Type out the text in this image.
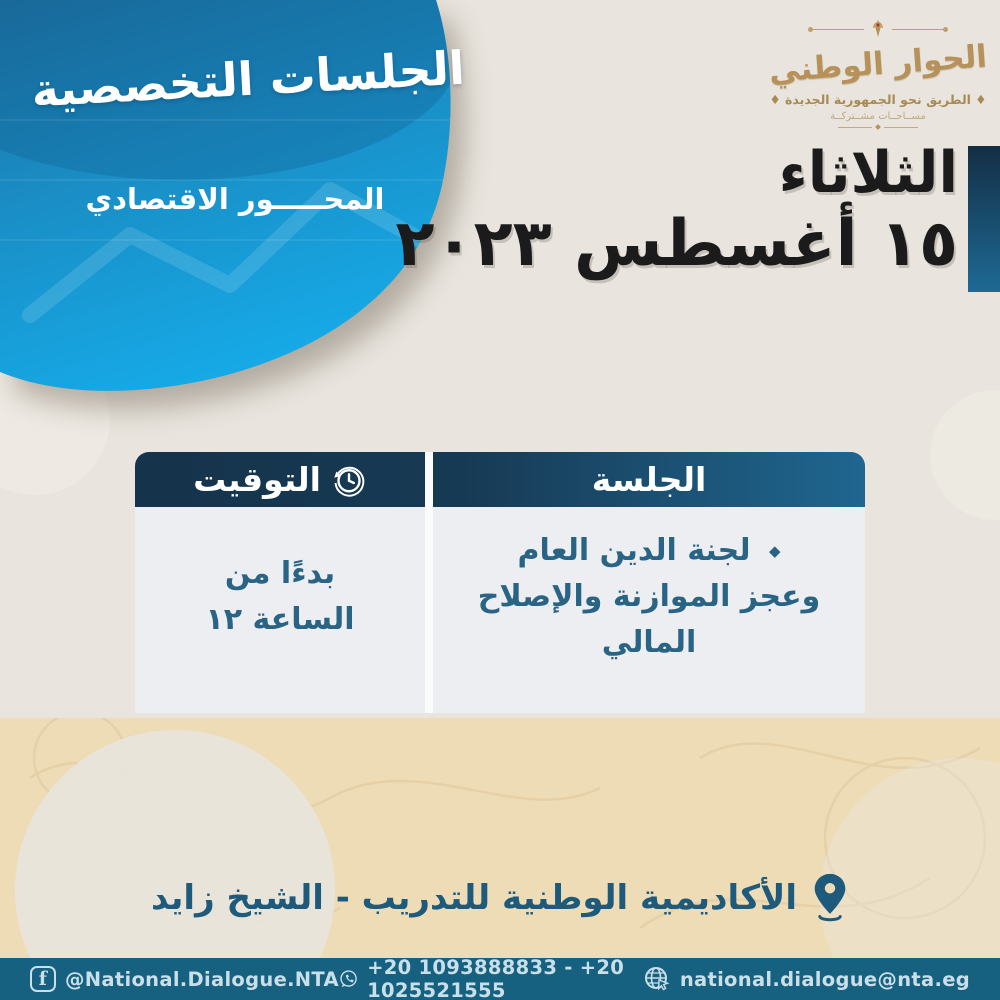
الجلسات التخصصية
المحـــــور الاقتصادي
الحوار الوطني
♦ الطريق نحو الجمهورية الجديدة ♦
مســاحــات مشــتركــة
الثلاثاء
١٥ أغسطس ٢٠٢٣
الجلسة
التوقيت
◆ لجنة الدين العام
وعجز الموازنة والإصلاح المالي
بدءًا من
الساعة ١٢
الأكاديمية الوطنية للتدريب - الشيخ زايد
f @National.Dialogue.NTA +20 1093888833 - +20 1025521555	national.dialogue@nta.eg
